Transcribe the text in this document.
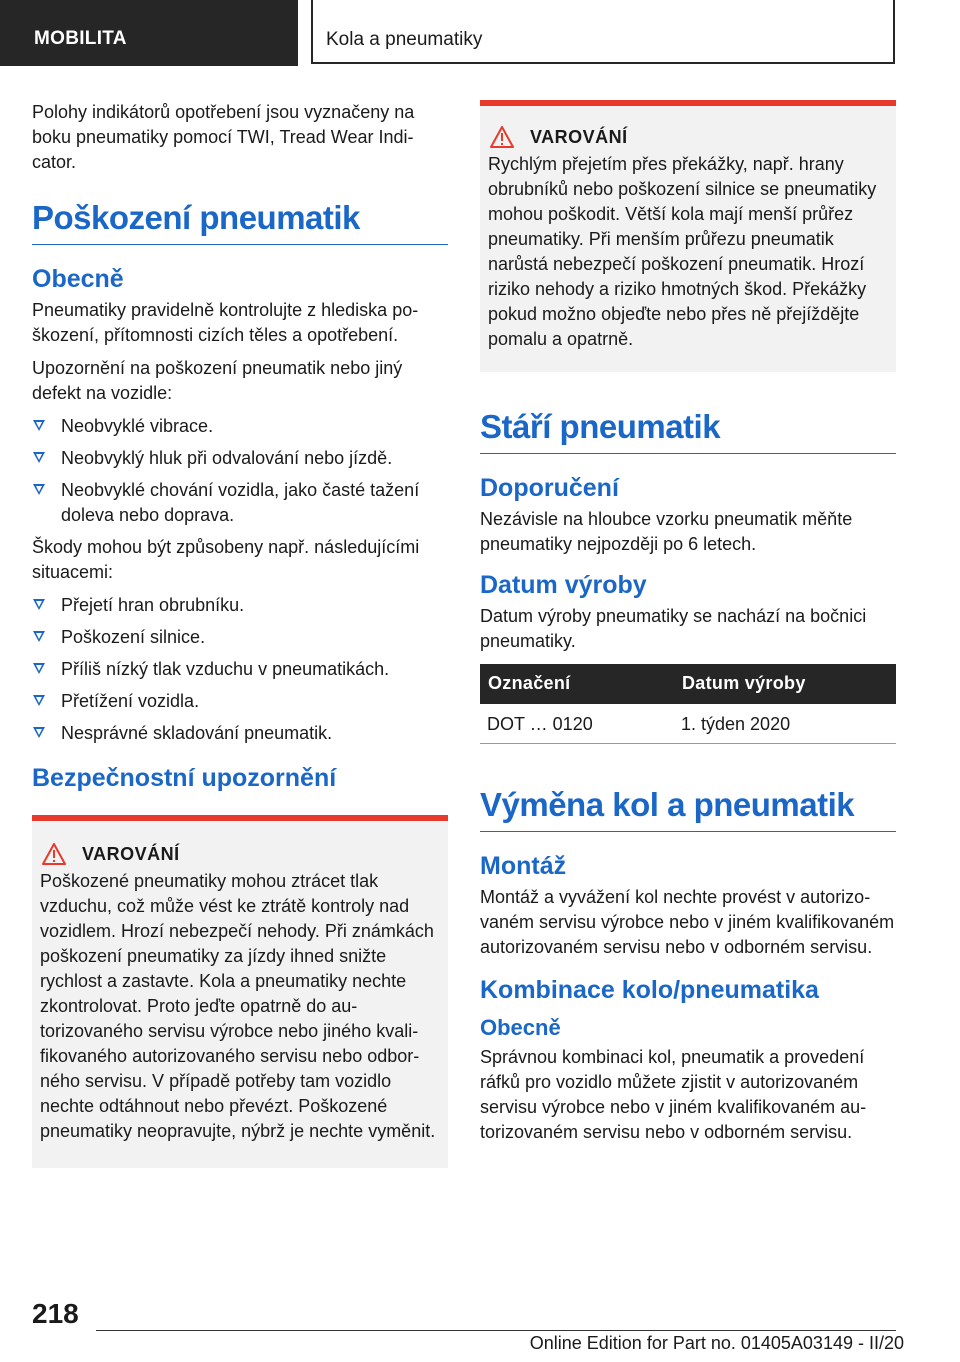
MOBILITA	Kola a pneumatiky

Polohy indikátorů opotřebení jsou vyznačeny na boku pneumatiky pomocí TWI, Tread Wear Indicator.

Poškození pneumatik
Obecně

Pneumatiky pravidelně kontrolujte z hlediska poškození, přítomnosti cizích těles a opotřebení.

Upozornění na poškození pneumatik nebo jiný defekt na vozidle:

Neobvyklé vibrace.
Neobvyklý hluk při odvalování nebo jízdě.
Neobvyklé chování vozidla, jako časté tažení doleva nebo doprava.

Škody mohou být způsobeny např. následujícími situacemi:

Přejetí hran obrubníku.
Poškození silnice.
Příliš nízký tlak vzduchu v pneumatikách.
Přetížení vozidla.
Nesprávné skladování pneumatik.
Bezpečnostní upozornění
VAROVÁNÍ

Poškozené pneumatiky mohou ztrácet tlak vzduchu, což může vést ke ztrátě kontroly nad vozidlem. Hrozí nebezpečí nehody. Při známkách poškození pneumatiky za jízdy ihned snižte rychlost a zastavte. Kola a pneumatiky nechte zkontrolovat. Proto jeďte opatrně do autorizovaného servisu výrobce nebo jiného kvalifikovaného autorizovaného servisu nebo odborného servisu. V případě potřeby tam vozidlo nechte odtáhnout nebo převézt. Poškozené pneumatiky neopravujte, nýbrž je nechte vyměnit.

VAROVÁNÍ

Rychlým přejetím přes překážky, např. hrany obrubníků nebo poškození silnice se pneumatiky mohou poškodit. Větší kola mají menší průřez pneumatiky. Při menším průřezu pneumatik narůstá nebezpečí poškození pneumatik. Hrozí riziko nehody a riziko hmotných škod. Překážky pokud možno objeďte nebo přes ně přejíždějte pomalu a opatrně.

Stáří pneumatik
Doporučení

Nezávisle na hloubce vzorku pneumatik měňte pneumatiky nejpozději po 6 letech.

Datum výroby

Datum výroby pneumatiky se nachází na bočnici pneumatiky.

Označení	Datum výroby
DOT … 0120	1. týden 2020
Výměna kol a pneumatik
Montáž

Montáž a vyvážení kol nechte provést v autorizovaném servisu výrobce nebo v jiném kvalifikovaném autorizovaném servisu nebo v odborném servisu.

Kombinace kolo/pneumatika
Obecně

Správnou kombinaci kol, pneumatik a provedení ráfků pro vozidlo můžete zjistit v autorizovaném servisu výrobce nebo v jiném kvalifikovaném autorizovaném servisu nebo v odborném servisu.

218
Online Edition for Part no. 01405A03149 - II/20
